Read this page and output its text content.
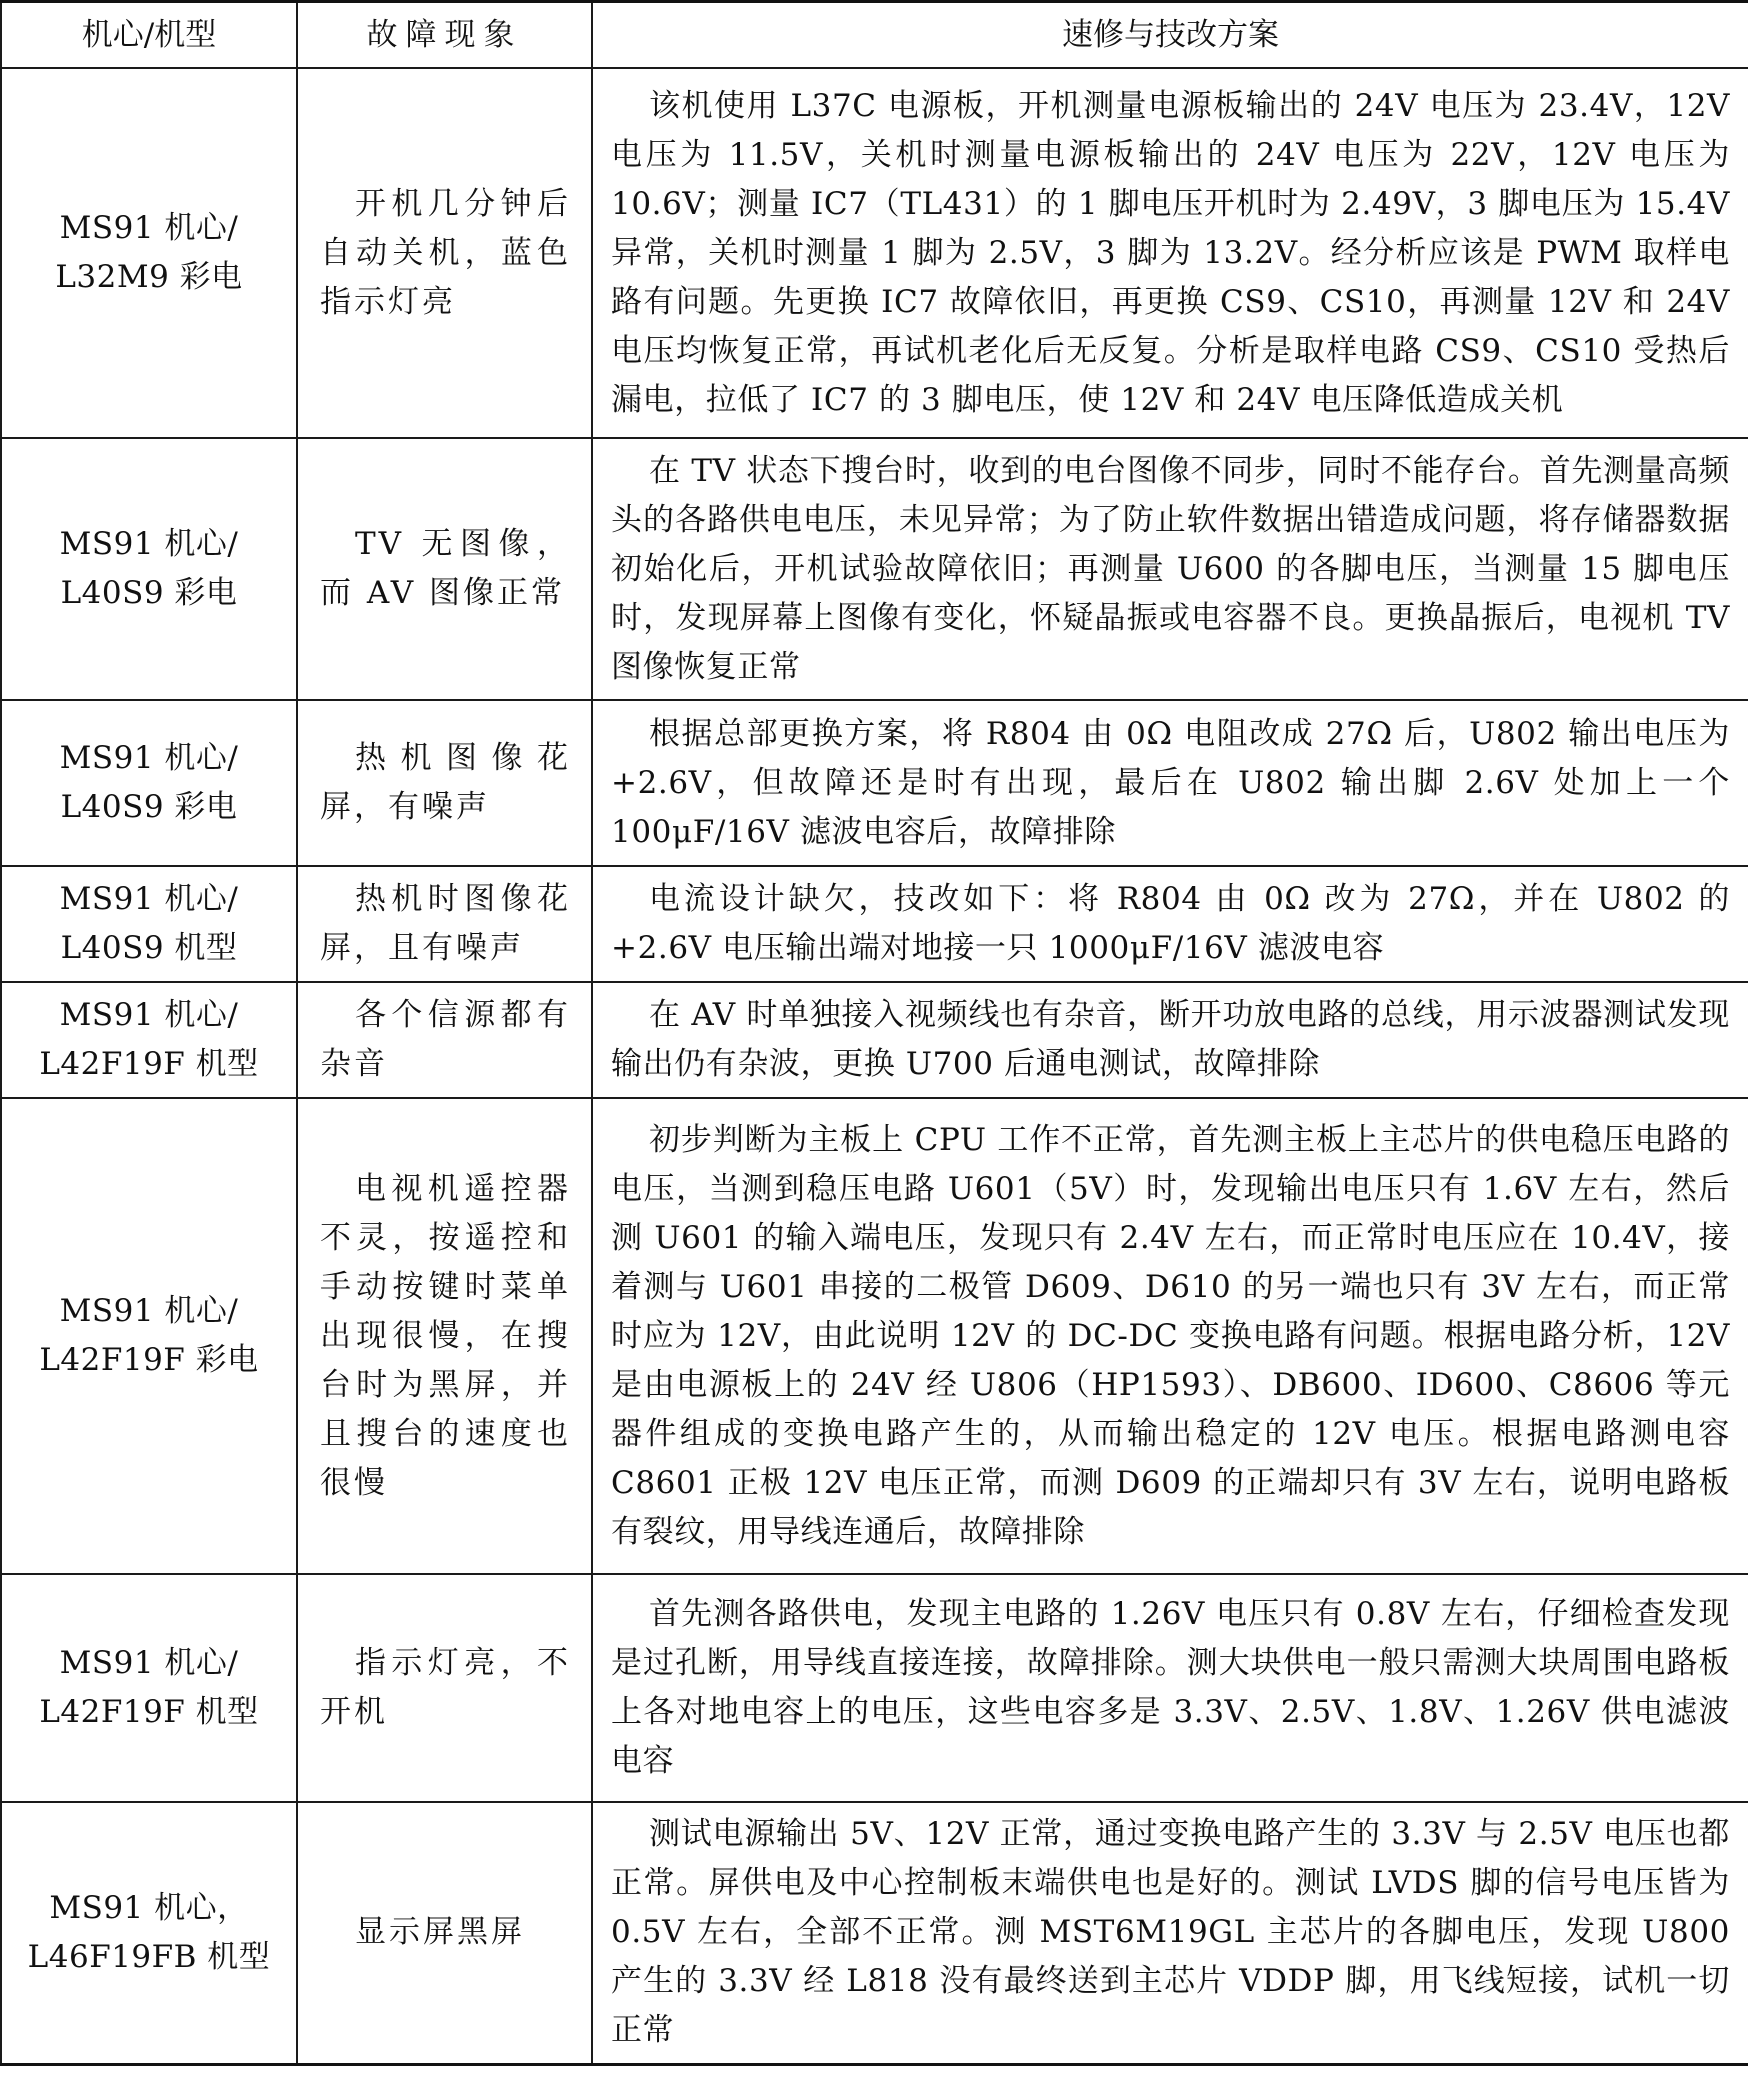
机心/机型	故障现象	速修与技改方案
MS91 机心/
L32M9 彩电	开机几分钟后自动关机，蓝色指示灯亮	该机使用 L37C 电源板，开机测量电源板输出的 24V 电压为 23.4V，12V 电压为 11.5V，关机时测量电源板输出的 24V 电压为 22V，12V 电压为 10.6V；测量 IC7（TL431）的 1 脚电压开机时为 2.49V，3 脚电压为 15.4V 异常，关机时测量 1 脚为 2.5V，3 脚为 13.2V。经分析应该是 PWM 取样电路有问题。先更换 IC7 故障依旧，再更换 CS9、CS10，再测量 12V 和 24V 电压均恢复正常，再试机老化后无反复。分析是取样电路 CS9、CS10 受热后漏电，拉低了 IC7 的 3 脚电压，使 12V 和 24V 电压降低造成关机

MS91 机心/
L40S9 彩电	TV 无图像，而 AV 图像正常	在 TV 状态下搜台时，收到的电台图像不同步，同时不能存台。首先测量高频头的各路供电电压，未见异常；为了防止软件数据出错造成问题，将存储器数据初始化后，开机试验故障依旧；再测量 U600 的各脚电压，当测量 15 脚电压时，发现屏幕上图像有变化，怀疑晶振或电容器不良。更换晶振后，电视机 TV 图像恢复正常

MS91 机心/
L40S9 彩电	热机图像花屏，有噪声	根据总部更换方案，将 R804 由 0Ω 电阻改成 27Ω 后，U802 输出电压为 +2.6V，但故障还是时有出现，最后在 U802 输出脚 2.6V 处加上一个 100μF/16V 滤波电容后，故障排除

MS91 机心/
L40S9 机型	热机时图像花屏，且有噪声	电流设计缺欠，技改如下：将 R804 由 0Ω 改为 27Ω，并在 U802 的 +2.6V 电压输出端对地接一只 1000μF/16V 滤波电容

MS91 机心/
L42F19F 机型	各个信源都有杂音	在 AV 时单独接入视频线也有杂音，断开功放电路的总线，用示波器测试发现输出仍有杂波，更换 U700 后通电测试，故障排除

MS91 机心/
L42F19F 彩电	电视机遥控器不灵，按遥控和手动按键时菜单出现很慢，在搜台时为黑屏，并且搜台的速度也很慢	初步判断为主板上 CPU 工作不正常，首先测主板上主芯片的供电稳压电路的电压，当测到稳压电路 U601（5V）时，发现输出电压只有 1.6V 左右，然后测 U601 的输入端电压，发现只有 2.4V 左右，而正常时电压应在 10.4V，接着测与 U601 串接的二极管 D609、D610 的另一端也只有 3V 左右，而正常时应为 12V，由此说明 12V 的 DC-DC 变换电路有问题。根据电路分析，12V 是由电源板上的 24V 经 U806（HP1593）、DB600、ID600、C8606 等元器件组成的变换电路产生的，从而输出稳定的 12V 电压。根据电路测电容 C8601 正极 12V 电压正常，而测 D609 的正端却只有 3V 左右，说明电路板有裂纹，用导线连通后，故障排除

MS91 机心/
L42F19F 机型	指示灯亮，不开机	首先测各路供电，发现主电路的 1.26V 电压只有 0.8V 左右，仔细检查发现是过孔断，用导线直接连接，故障排除。测大块供电一般只需测大块周围电路板上各对地电容上的电压，这些电容多是 3.3V、2.5V、1.8V、1.26V 供电滤波电容

MS91 机心，
L46F19FB 机型	显示屏黑屏	测试电源输出 5V、12V 正常，通过变换电路产生的 3.3V 与 2.5V 电压也都正常。屏供电及中心控制板末端供电也是好的。测试 LVDS 脚的信号电压皆为 0.5V 左右，全部不正常。测 MST6M19GL 主芯片的各脚电压，发现 U800 产生的 3.3V 经 L818 没有最终送到主芯片 VDDP 脚，用飞线短接，试机一切正常
